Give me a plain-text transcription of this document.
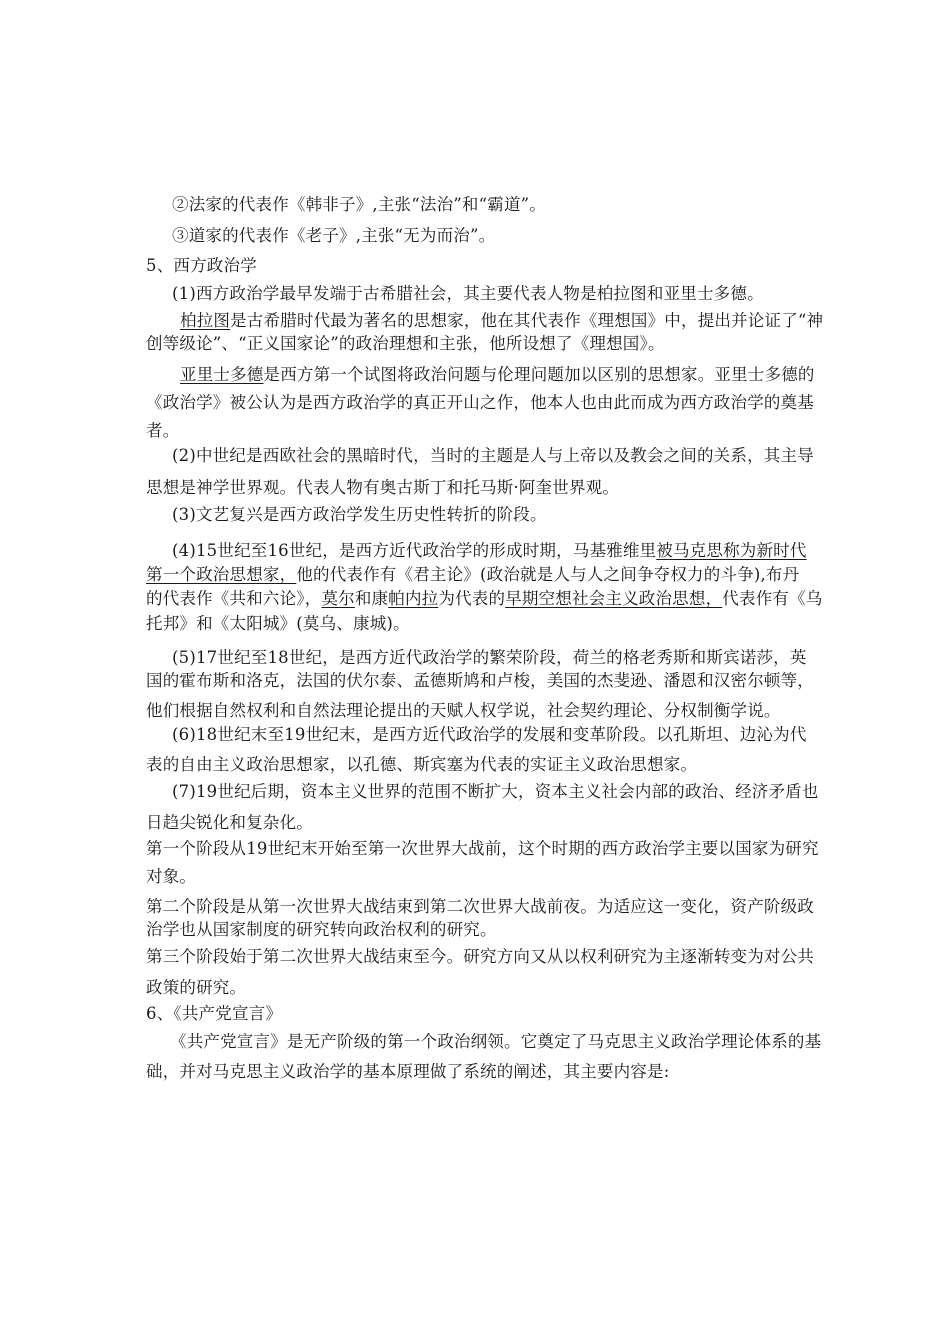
②法家的代表作《韩非子》,主张“法治”和“霸道”。
③道家的代表作《老子》,主张“无为而治”。
5、西方政治学
(1)西方政治学最早发端于古希腊社会，其主要代表人物是柏拉图和亚里士多德。
柏拉图是古希腊时代最为著名的思想家，他在其代表作《理想国》中，提出并论证了“神
创等级论”、“正义国家论”的政治理想和主张，他所设想了《理想国》。
亚里士多德是西方第一个试图将政治问题与伦理问题加以区别的思想家。亚里士多德的
《政治学》被公认为是西方政治学的真正开山之作，他本人也由此而成为西方政治学的奠基
者。
(2)中世纪是西欧社会的黑暗时代，当时的主题是人与上帝以及教会之间的关系，其主导
思想是神学世界观。代表人物有奥古斯丁和托马斯·阿奎世界观。
(3)文艺复兴是西方政治学发生历史性转折的阶段。
(4)15世纪至16世纪，是西方近代政治学的形成时期，马基雅维里被马克思称为新时代
第一个政治思想家，他的代表作有《君主论》(政治就是人与人之间争夺权力的斗争),布丹
的代表作《共和六论》，莫尔和康帕内拉为代表的早期空想社会主义政治思想，代表作有《乌
托邦》和《太阳城》(莫乌、康城)。
(5)17世纪至18世纪，是西方近代政治学的繁荣阶段，荷兰的格老秀斯和斯宾诺莎，英
国的霍布斯和洛克，法国的伏尔泰、孟德斯鸠和卢梭，美国的杰斐逊、潘恩和汉密尔顿等，
他们根据自然权利和自然法理论提出的天赋人权学说，社会契约理论、分权制衡学说。
(6)18世纪末至19世纪末，是西方近代政治学的发展和变革阶段。以孔斯坦、边沁为代
表的自由主义政治思想家，以孔德、斯宾塞为代表的实证主义政治思想家。
(7)19世纪后期，资本主义世界的范围不断扩大，资本主义社会内部的政治、经济矛盾也
日趋尖锐化和复杂化。
第一个阶段从19世纪末开始至第一次世界大战前，这个时期的西方政治学主要以国家为研究
对象。
第二个阶段是从第一次世界大战结束到第二次世界大战前夜。为适应这一变化，资产阶级政
治学也从国家制度的研究转向政治权利的研究。
第三个阶段始于第二次世界大战结束至今。研究方向又从以权利研究为主逐渐转变为对公共
政策的研究。
6、《共产党宣言》
《共产党宣言》是无产阶级的第一个政治纲领。它奠定了马克思主义政治学理论体系的基
础，并对马克思主义政治学的基本原理做了系统的阐述，其主要内容是:
